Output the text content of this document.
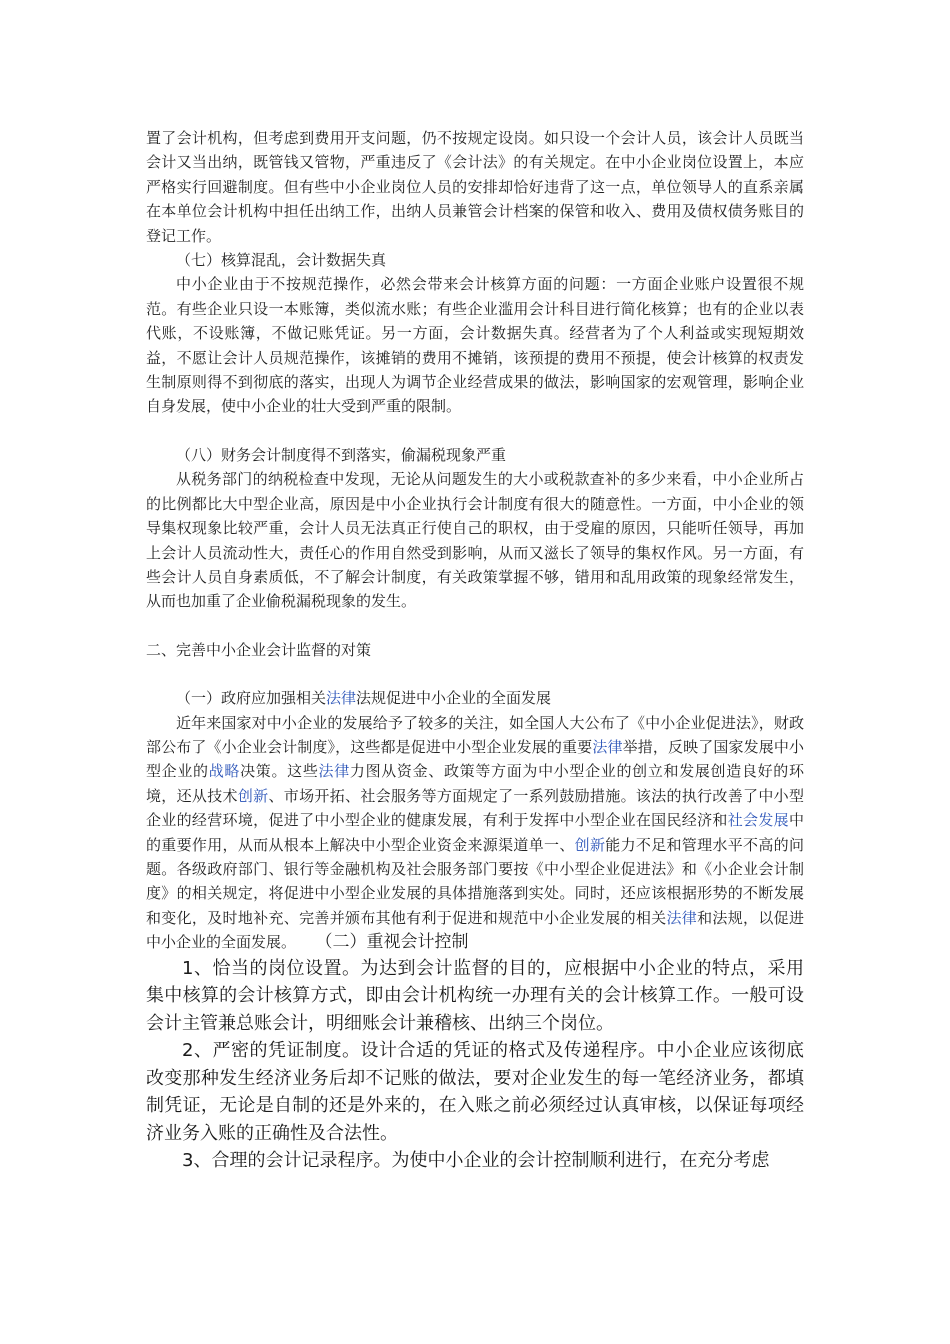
置了会计机构，但考虑到费用开支问题，仍不按规定设岗。如只设一个会计人员，该会计人员既当会计又当出纳，既管钱又管物，严重违反了《会计法》的有关规定。在中小企业岗位设置上，本应严格实行回避制度。但有些中小企业岗位人员的安排却恰好违背了这一点，单位领导人的直系亲属在本单位会计机构中担任出纳工作，出纳人员兼管会计档案的保管和收入、费用及债权债务账目的登记工作。

（七）核算混乱，会计数据失真

中小企业由于不按规范操作，必然会带来会计核算方面的问题：一方面企业账户设置很不规范。有些企业只设一本账簿，类似流水账；有些企业滥用会计科目进行简化核算；也有的企业以表代账，不设账簿，不做记账凭证。另一方面，会计数据失真。经营者为了个人利益或实现短期效益，不愿让会计人员规范操作，该摊销的费用不摊销，该预提的费用不预提，使会计核算的权责发生制原则得不到彻底的落实，出现人为调节企业经营成果的做法，影响国家的宏观管理，影响企业自身发展，使中小企业的壮大受到严重的限制。

（八）财务会计制度得不到落实，偷漏税现象严重

从税务部门的纳税检查中发现，无论从问题发生的大小或税款查补的多少来看，中小企业所占的比例都比大中型企业高，原因是中小企业执行会计制度有很大的随意性。一方面，中小企业的领导集权现象比较严重，会计人员无法真正行使自己的职权，由于受雇的原因，只能听任领导，再加上会计人员流动性大，责任心的作用自然受到影响，从而又滋长了领导的集权作风。另一方面，有些会计人员自身素质低，不了解会计制度，有关政策掌握不够，错用和乱用政策的现象经常发生，从而也加重了企业偷税漏税现象的发生。

二、完善中小企业会计监督的对策

（一）政府应加强相关法律法规促进中小企业的全面发展

近年来国家对中小企业的发展给予了较多的关注，如全国人大公布了《中小企业促进法》，财政部公布了《小企业会计制度》，这些都是促进中小型企业发展的重要法律举措，反映了国家发展中小型企业的战略决策。这些法律力图从资金、政策等方面为中小型企业的创立和发展创造良好的环境，还从技术创新、市场开拓、社会服务等方面规定了一系列鼓励措施。该法的执行改善了中小型企业的经营环境，促进了中小型企业的健康发展，有利于发挥中小型企业在国民经济和社会发展中的重要作用，从而从根本上解决中小型企业资金来源渠道单一、创新能力不足和管理水平不高的问题。各级政府部门、银行等金融机构及社会服务部门要按《中小型企业促进法》和《小企业会计制度》的相关规定，将促进中小型企业发展的具体措施落到实处。同时，还应该根据形势的不断发展和变化，及时地补充、完善并颁布其他有利于促进和规范中小企业发展的相关法律和法规，以促进中小企业的全面发展。 （二）重视会计控制

1、恰当的岗位设置。为达到会计监督的目的，应根据中小企业的特点，采用集中核算的会计核算方式，即由会计机构统一办理有关的会计核算工作。一般可设会计主管兼总账会计，明细账会计兼稽核、出纳三个岗位。

2、严密的凭证制度。设计合适的凭证的格式及传递程序。中小企业应该彻底改变那种发生经济业务后却不记账的做法，要对企业发生的每一笔经济业务，都填制凭证，无论是自制的还是外来的，在入账之前必须经过认真审核，以保证每项经济业务入账的正确性及合法性。

3、合理的会计记录程序。为使中小企业的会计控制顺利进行，在充分考虑
